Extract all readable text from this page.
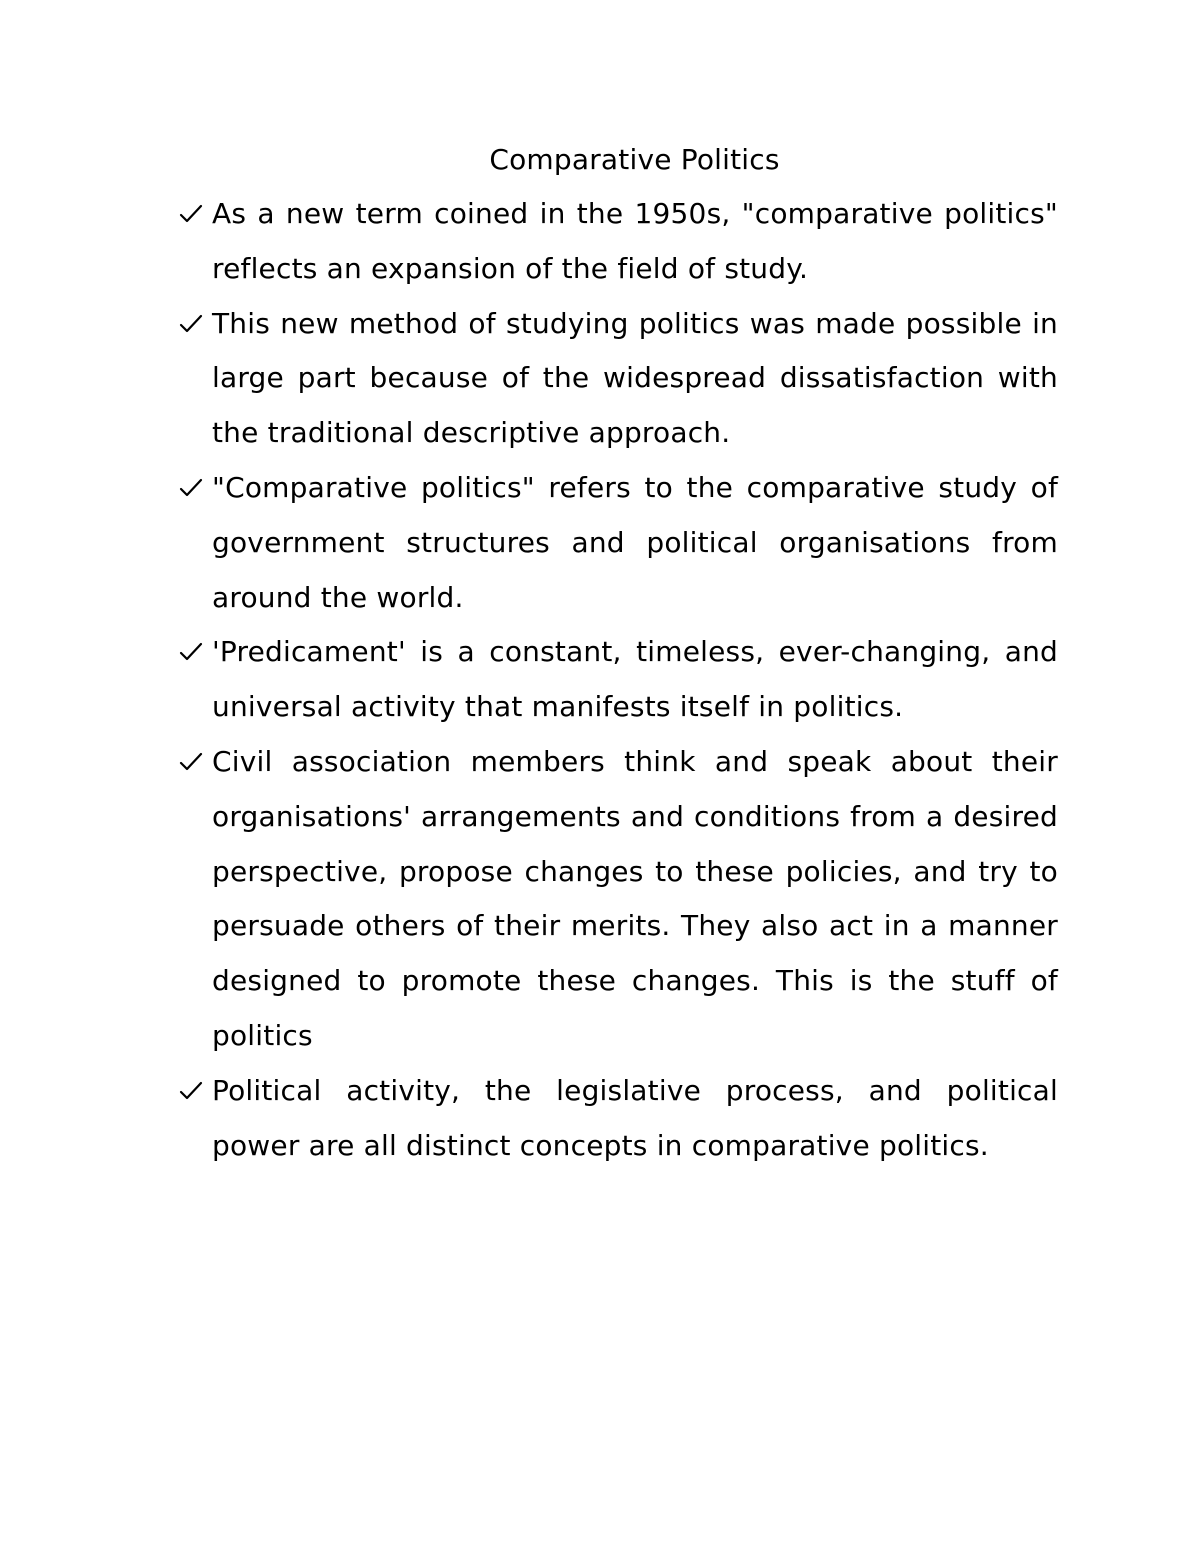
Comparative Politics
As a new term coined in the 1950s, "comparative politics" reflects an expansion of the field of study.
This new method of studying politics was made possible in large part because of the widespread dissatisfaction with the traditional descriptive approach.
"Comparative politics" refers to the comparative study of government structures and political organisations from around the world.
'Predicament' is a constant, timeless, ever-changing, and universal activity that manifests itself in politics.
Civil association members think and speak about their organisations' arrangements and conditions from a desired perspective, propose changes to these policies, and try to persuade others of their merits. They also act in a manner designed to promote these changes. This is the stuff of politics
Political activity, the legislative process, and political power are all distinct concepts in comparative politics.
